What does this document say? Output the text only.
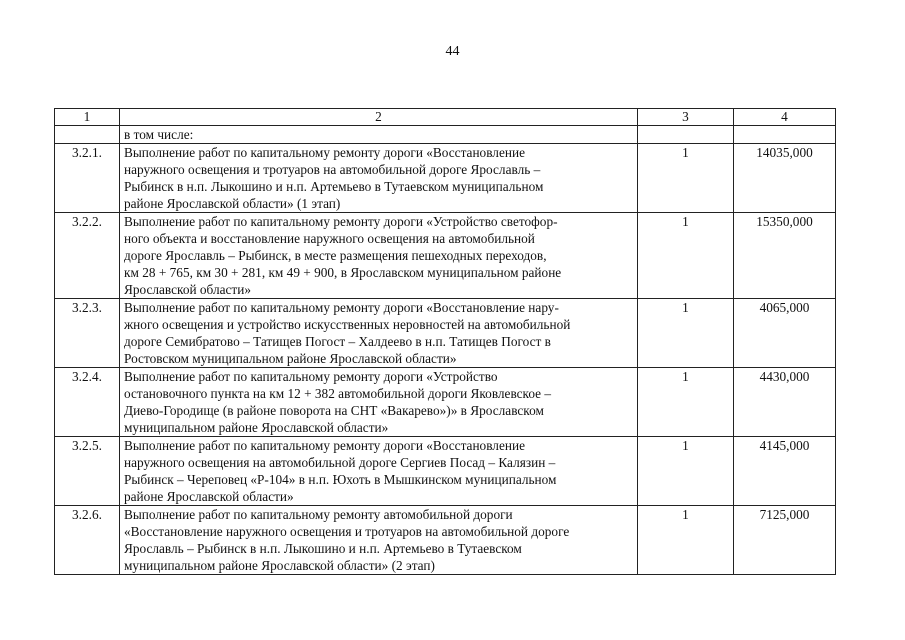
44
1	2	3	4
	в том числе:		
3.2.1.	Выполнение работ по капитальному ремонту дороги «Восстановление
наружного освещения и тротуаров на автомобильной дороге Ярославль –
Рыбинск в н.п. Лыкошино и н.п. Артемьево в Тутаевском муниципальном
районе Ярославской области» (1 этап)	1	14035,000
3.2.2.	Выполнение работ по капитальному ремонту дороги «Устройство светофор-
ного объекта и восстановление наружного освещения на автомобильной
дороге Ярославль – Рыбинск, в месте размещения пешеходных переходов,
км 28 + 765, км 30 + 281, км 49 + 900, в Ярославском муниципальном районе
Ярославской области»	1	15350,000
3.2.3.	Выполнение работ по капитальному ремонту дороги «Восстановление нару-
жного освещения и устройство искусственных неровностей на автомобильной
дороге Семибратово – Татищев Погост – Халдеево в н.п. Татищев Погост в
Ростовском муниципальном районе Ярославской области»	1	4065,000
3.2.4.	Выполнение работ по капитальному ремонту дороги «Устройство
остановочного пункта на км 12 + 382 автомобильной дороги Яковлевское –
Диево-Городище (в районе поворота на СНТ «Вакарево»)» в Ярославском
муниципальном районе Ярославской области»	1	4430,000
3.2.5.	Выполнение работ по капитальному ремонту дороги «Восстановление
наружного освещения на автомобильной дороге Сергиев Посад – Калязин –
Рыбинск – Череповец «Р-104» в н.п. Юхоть в Мышкинском муниципальном
районе Ярославской области»	1	4145,000
3.2.6.	Выполнение работ по капитальному ремонту автомобильной дороги
«Восстановление наружного освещения и тротуаров на автомобильной дороге
Ярославль – Рыбинск в н.п. Лыкошино и н.п. Артемьево в Тутаевском
муниципальном районе Ярославской области» (2 этап)	1	7125,000
